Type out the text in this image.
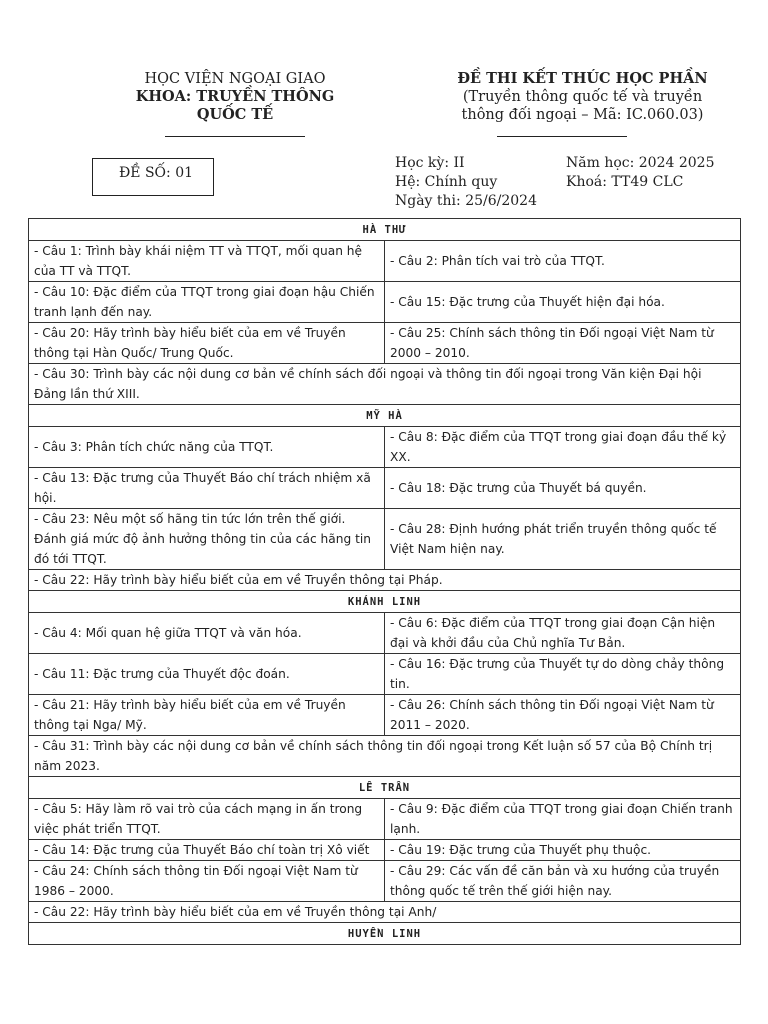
HỌC VIỆN NGOẠI GIAO
KHOA: TRUYỀN THÔNG QUỐC TẾ
ĐỀ THI KẾT THÚC HỌC PHẦN
(Truyền thông quốc tế và truyền
thông đối ngoại – Mã: IC.060.03)
ĐỀ SỐ: 01
Học kỳ: II
Hệ: Chính quy
Ngày thi: 25/6/2024
Năm học: 2024 2025
Khoá: TT49 CLC
HÀ THƯ	
- Câu 1: Trình bày khái niệm TT và TTQT, mối quan hệ của TT và TTQT.	- Câu 2: Phân tích vai trò của TTQT.
- Câu 10: Đặc điểm của TTQT trong giai đoạn hậu Chiến tranh lạnh đến nay.	- Câu 15: Đặc trưng của Thuyết hiện đại hóa.
- Câu 20: Hãy trình bày hiểu biết của em về Truyền thông tại Hàn Quốc/ Trung Quốc.	- Câu 25: Chính sách thông tin Đối ngoại Việt Nam từ 2000 – 2010.
- Câu 30: Trình bày các nội dung cơ bản về chính sách đối ngoại và thông tin đối ngoại trong Văn kiện Đại hội Đảng lần thứ XIII.	
MỸ HÀ	
- Câu 3: Phân tích chức năng của TTQT.	- Câu 8: Đặc điểm của TTQT trong giai đoạn đầu thế kỷ XX.
- Câu 13: Đặc trưng của Thuyết Báo chí trách nhiệm xã hội.	- Câu 18: Đặc trưng của Thuyết bá quyền.
- Câu 23: Nêu một số hãng tin tức lớn trên thế giới. Đánh giá mức độ ảnh hưởng thông tin của các hãng tin đó tới TTQT.	- Câu 28: Định hướng phát triển truyền thông quốc tế Việt Nam hiện nay.
- Câu 22: Hãy trình bày hiểu biết của em về Truyền thông tại Pháp.	
KHÁNH LINH	
- Câu 4: Mối quan hệ giữa TTQT và văn hóa.	- Câu 6: Đặc điểm của TTQT trong giai đoạn Cận hiện đại và khởi đầu của Chủ nghĩa Tư Bản.
- Câu 11: Đặc trưng của Thuyết độc đoán.	- Câu 16: Đặc trưng của Thuyết tự do dòng chảy thông tin.
- Câu 21: Hãy trình bày hiểu biết của em về Truyền thông tại Nga/ Mỹ.	- Câu 26: Chính sách thông tin Đối ngoại Việt Nam từ 2011 – 2020.
- Câu 31: Trình bày các nội dung cơ bản về chính sách thông tin đối ngoại trong Kết luận số 57 của Bộ Chính trị năm 2023.	
LÊ TRẦN	
- Câu 5: Hãy làm rõ vai trò của cách mạng in ấn trong việc phát triển TTQT.	- Câu 9: Đặc điểm của TTQT trong giai đoạn Chiến tranh lạnh.
- Câu 14: Đặc trưng của Thuyết Báo chí toàn trị Xô viết	- Câu 19: Đặc trưng của Thuyết phụ thuộc.
- Câu 24: Chính sách thông tin Đối ngoại Việt Nam từ 1986 – 2000.	- Câu 29: Các vấn đề căn bản và xu hướng của truyền thông quốc tế trên thế giới hiện nay.
- Câu 22: Hãy trình bày hiểu biết của em về Truyền thông tại Anh/	
HUYỀN LINH	
